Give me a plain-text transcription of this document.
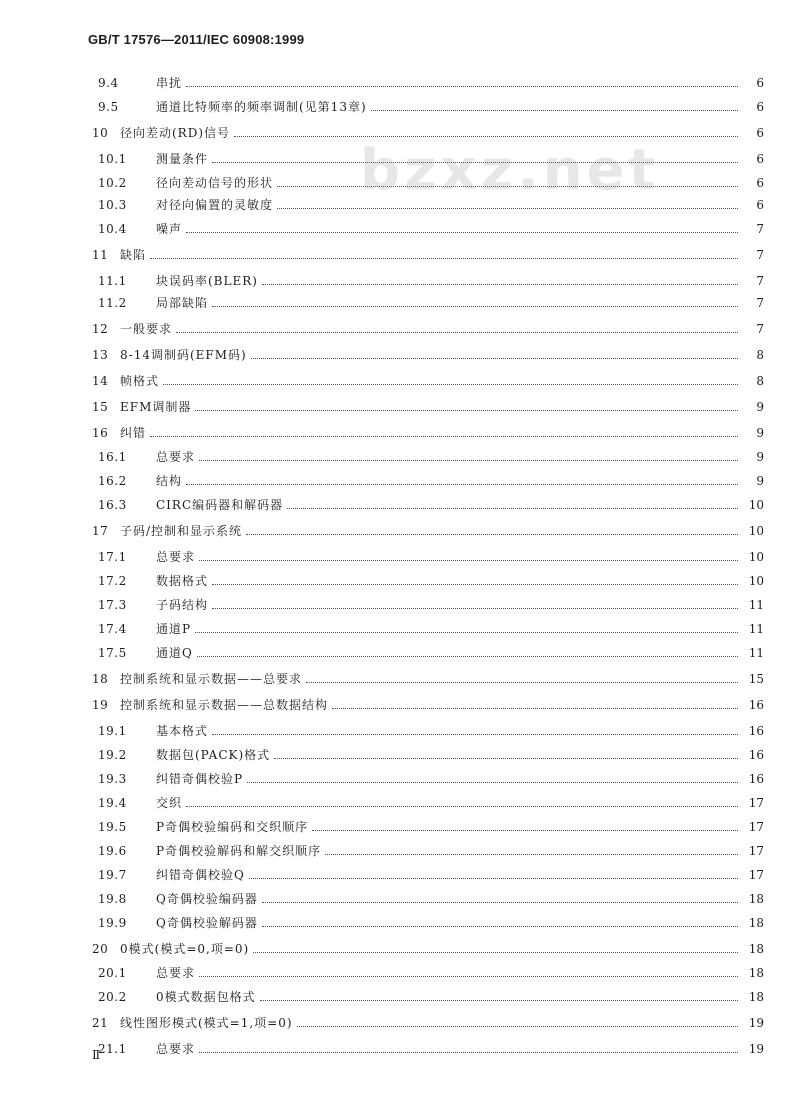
GB/T 17576—2011/IEC 60908:1999
bzxz.net
9.4	串扰	6
9.5	通道比特频率的频率调制(见第13章)	6
10 径向差动(RD)信号	6
10.1	测量条件	6
10.2	径向差动信号的形状	6
10.3	对径向偏置的灵敏度	6
10.4	噪声	7
11 缺陷	7
11.1	块误码率(BLER)	7
11.2	局部缺陷	7
12 一般要求	7
13 8-14调制码(EFM码)	8
14 帧格式	8
15 EFM调制器	9
16 纠错	9
16.1	总要求	9
16.2	结构	9
16.3	CIRC编码器和解码器	10
17 子码/控制和显示系统	10
17.1	总要求	10
17.2	数据格式	10
17.3	子码结构	11
17.4	通道P	11
17.5	通道Q	11
18 控制系统和显示数据——总要求	15
19 控制系统和显示数据——总数据结构	16
19.1	基本格式	16
19.2	数据包(PACK)格式	16
19.3	纠错奇偶校验P	16
19.4	交织	17
19.5	P奇偶校验编码和交织顺序	17
19.6	P奇偶校验解码和解交织顺序	17
19.7	纠错奇偶校验Q	17
19.8	Q奇偶校验编码器	18
19.9	Q奇偶校验解码器	18
20 0模式(模式=0,项=0)	18
20.1	总要求	18
20.2	0模式数据包格式	18
21 线性图形模式(模式=1,项=0)	19
21.1	总要求	19
Ⅱ
